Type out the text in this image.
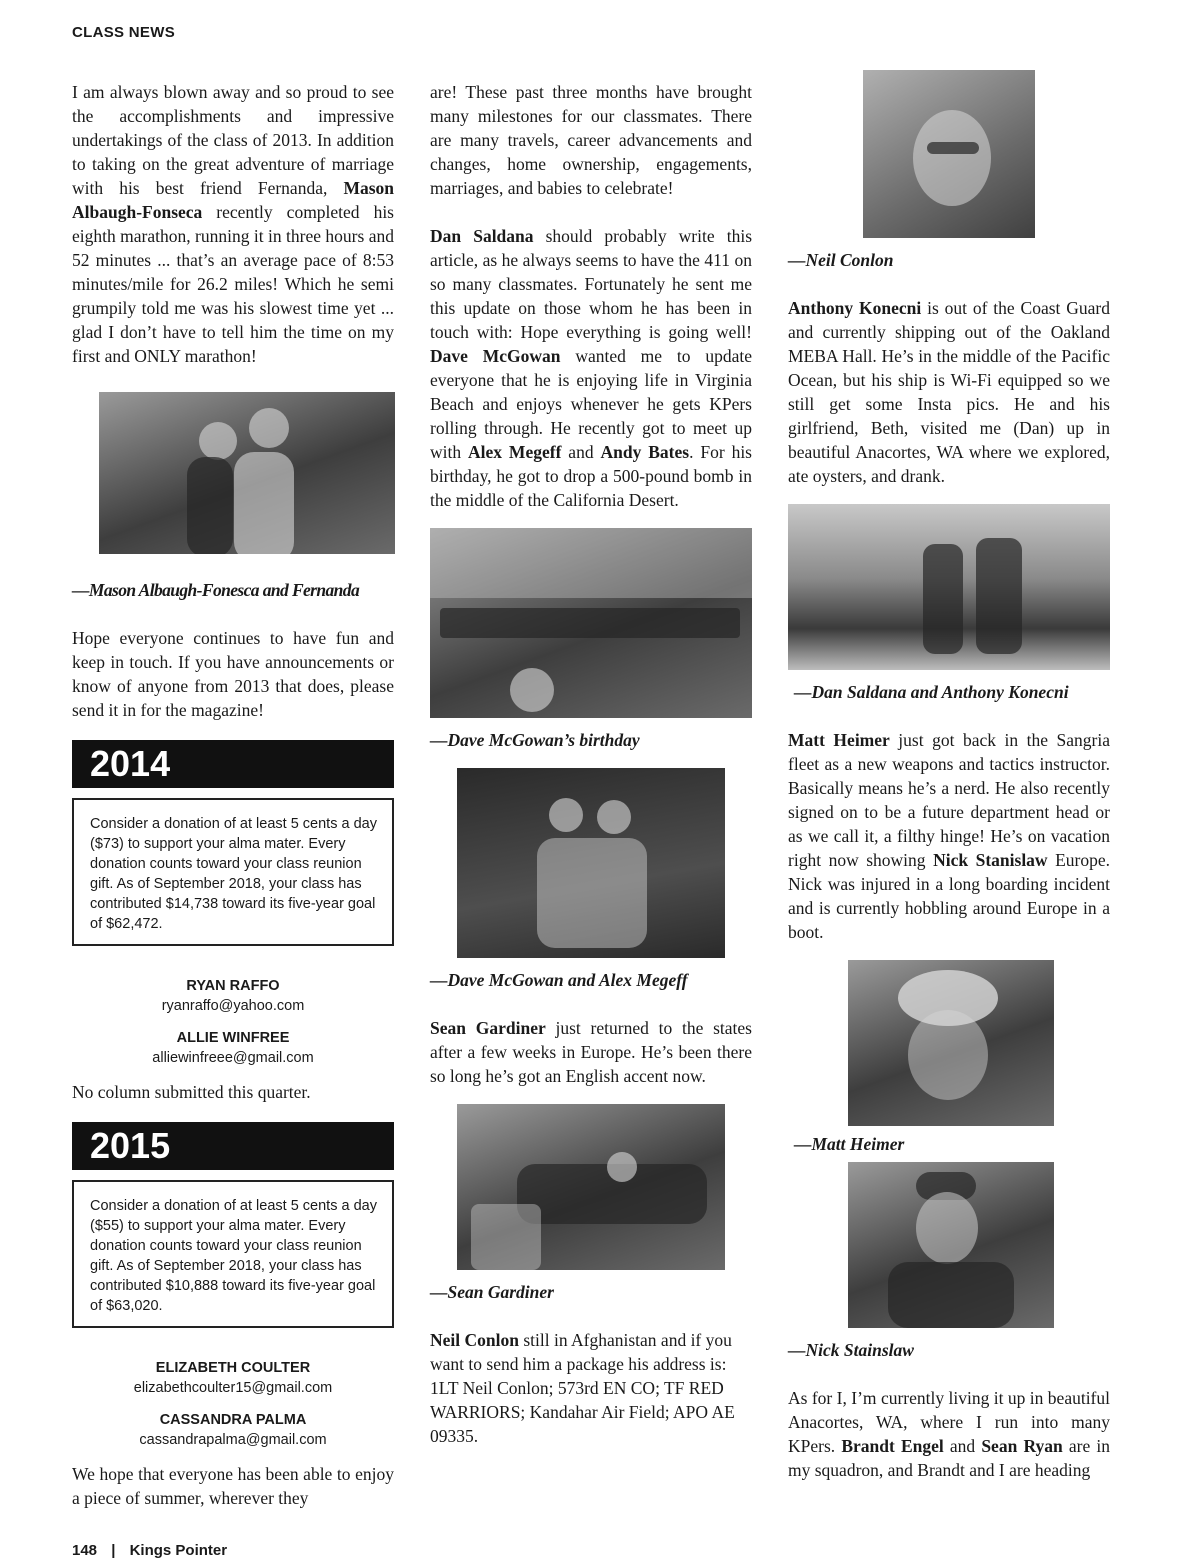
CLASS NEWS

I am always blown away and so proud to see the accomplishments and impressive undertakings of the class of 2013. In addition to taking on the great adventure of marriage with his best friend Fernanda, Mason Albaugh-Fonseca recently completed his eighth marathon, running it in three hours and 52 minutes ... that’s an average pace of 8:53 minutes/mile for 26.2 miles! Which he semi grumpily told me was his slowest time yet ... glad I don’t have to tell him the time on my first and ONLY marathon!

—Mason Albaugh-Fonesca and Fernanda

Hope everyone continues to have fun and keep in touch. If you have announcements or know of anyone from 2013 that does, please send it in for the magazine!

2014
Consider a donation of at least 5 cents a day ($73) to support your alma mater. Every donation counts toward your class reunion gift. As of September 2018, your class has contributed $14,738 toward its five-year goal of $62,472.
RYAN RAFFO
ryanraffo@yahoo.com
ALLIE WINFREE
alliewinfreee@gmail.com

No column submitted this quarter.

2015
Consider a donation of at least 5 cents a day ($55) to support your alma mater. Every donation counts toward your class reunion gift. As of September 2018, your class has contributed $10,888 toward its five-year goal of $63,020.
ELIZABETH COULTER
elizabethcoulter15@gmail.com
CASSANDRA PALMA
cassandrapalma@gmail.com

We hope that everyone has been able to enjoy a piece of summer, wherever they

are! These past three months have brought many milestones for our classmates. There are many travels, career advancements and changes, home ownership, engagements, marriages, and babies to celebrate!

Dan Saldana should probably write this article, as he always seems to have the 411 on so many classmates. Fortunately he sent me this update on those whom he has been in touch with: Hope everything is going well! Dave McGowan wanted me to update everyone that he is enjoying life in Virginia Beach and enjoys whenever he gets KPers rolling through. He recently got to meet up with Alex Megeff and Andy Bates. For his birthday, he got to drop a 500-pound bomb in the middle of the California Desert.

—Dave McGowan’s birthday
—Dave McGowan and Alex Megeff

Sean Gardiner just returned to the states after a few weeks in Europe. He’s been there so long he’s got an English accent now.

—Sean Gardiner

Neil Conlon still in Afghanistan and if you want to send him a package his address is: 1LT Neil Conlon; 573rd EN CO; TF RED WARRIORS; Kandahar Air Field; APO AE 09335.

—Neil Conlon

Anthony Konecni is out of the Coast Guard and currently shipping out of the Oakland MEBA Hall. He’s in the middle of the Pacific Ocean, but his ship is Wi-Fi equipped so we still get some Insta pics. He and his girlfriend, Beth, visited me (Dan) up in beautiful Anacortes, WA where we explored, ate oysters, and drank.

—Dan Saldana and Anthony Konecni

Matt Heimer just got back in the Sangria fleet as a new weapons and tactics instructor. Basically means he’s a nerd. He also recently signed on to be a future department head or as we call it, a filthy hinge! He’s on vacation right now showing Nick Stanislaw Europe. Nick was injured in a long boarding incident and is currently hobbling around Europe in a boot.

—Matt Heimer
—Nick Stainslaw

As for I, I’m currently living it up in beautiful Anacortes, WA, where I run into many KPers. Brandt Engel and Sean Ryan are in my squadron, and Brandt and I are heading

148 | Kings Pointer
